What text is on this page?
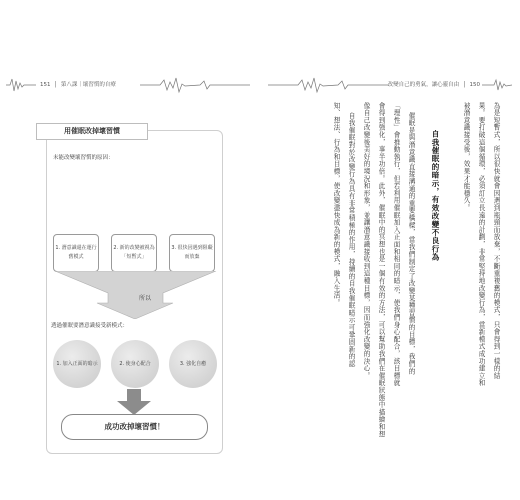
151  │  第八課｜壞習慣的自療
未能改變壞習慣的原因：
1. 潛意識還在運行舊模式
2. 新的改變被視為「短暫式」
3. 很快因遇到阻礙而放棄
所以
透過催眠要潛意識接受新模式：
1. 加入正面的暗示	2. 使身心配合	3. 強化自癒
成功改掉壞習慣！
用催眠改掉壞習慣
改變自己的勇氣，讓心靈自由  │  150
為是短暫式，所以很快就會因遇到瓶頸而放棄，不斷重複舊的模式，只會得到一樣的結
果。要打破這個循環，必須訂立長遠的計劃，非常堅持地改變行為，當新模式成功建立和
被潛意識接受後，效果才能穩久。
自我催眠的暗示，有效改變不良行為
催眠是與潛意識直接溝通的重要橋樑，當我們制定了改變某種習慣的目標，我們的
「理性」會推動執行，但若利用催眠加入正面和相同的暗示，使我們身心配合，該目標就
會得到強化，事半功倍。此外，催眠中的冥想也是一個有效的方法，可以幫助我們在催眠狀態中描繪和想
像自己改變後美好的境況和形象，並讓潛意識接收到這種目標，因而強化改變的決心。
自我催眠對於改變行為具有非常積極的作用，持續的自我催眠暗示可鞏固新的認
知、想法、行為和目標，使改變盡快成為新的模式，融入生活。
